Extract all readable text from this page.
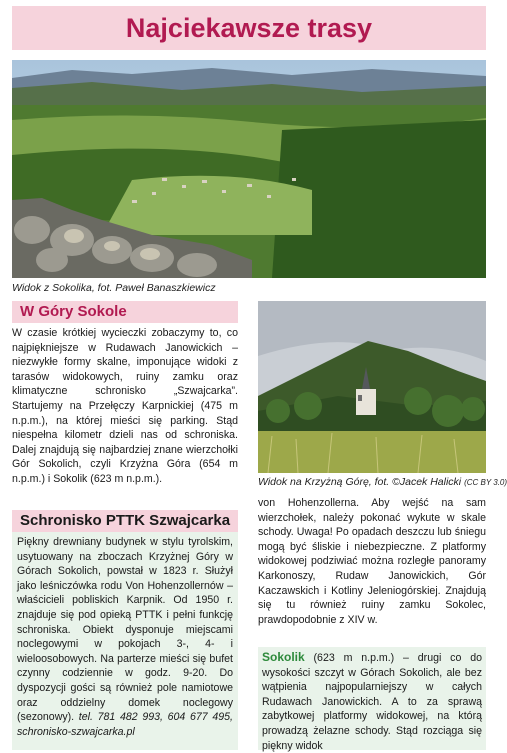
Najciekawsze trasy
Widok z Sokolika, fot. Paweł Banaszkiewicz
W Góry Sokole

W czasie krótkiej wycieczki zobaczymy to, co najpiękniejsze w Rudawach Janowickich – niezwykłe formy skalne, imponujące widoki z tarasów widokowych, ruiny zamku oraz klimatyczne schronisko „Szwajcarka”. Startujemy na Przełęczy Karpnickiej (475 m n.p.m.), na której mieści się parking. Stąd niespełna kilometr dzieli nas od schroniska. Dalej znajdują się najbardziej znane wierzchołki Gór Sokolich, czyli Krzyżna Góra (654 m n.p.m.) i Sokolik (623 m n.p.m.).	Widok na Krzyżną Górę, fot. ©Jacek Halicki (CC BY 3.0)
Schronisko PTTK Szwajcarka

Piękny drewniany budynek w stylu tyrolskim, usytuowany na zboczach Krzyżnej Góry w Górach Sokolich, powstał w 1823 r. Służył jako leśniczówka rodu Von Hohenzollernów – właścicieli pobliskich Karpnik. Od 1950 r. znajduje się pod opieką PTTK i pełni funkcję schroniska. Obiekt dysponuje miejscami noclegowymi w pokojach 3-, 4- i wieloosobowych. Na parterze mieści się bufet czynny codziennie w godz. 9-20. Do dyspozycji gości są również pole namiotowe oraz oddzielny domek noclegowy (sezonowy). tel. 781 482 993, 604 677 495, schronisko-szwajcarka.pl

von Hohenzollerna. Aby wejść na sam wierzchołek, należy pokonać wykute w skale schody. Uwaga! Po opadach deszczu lub śniegu mogą być śliskie i niebezpieczne. Z platformy widokowej podziwiać można rozległe panoramy Karkonoszy, Rudaw Janowickich, Gór Kaczawskich i Kotliny Jeleniogórskiej. Znajdują się tu również ruiny zamku Sokolec, prawdopodobnie z XIV w.

Sokolik (623 m n.p.m.) – drugi co do wysokości szczyt w Górach Sokolich, ale bez wątpienia najpopularniejszy w całych Rudawach Janowickich. A to za sprawą zabytkowej platformy widokowej, na którą prowadzą żelazne schody. Stąd rozciąga się piękny widok
